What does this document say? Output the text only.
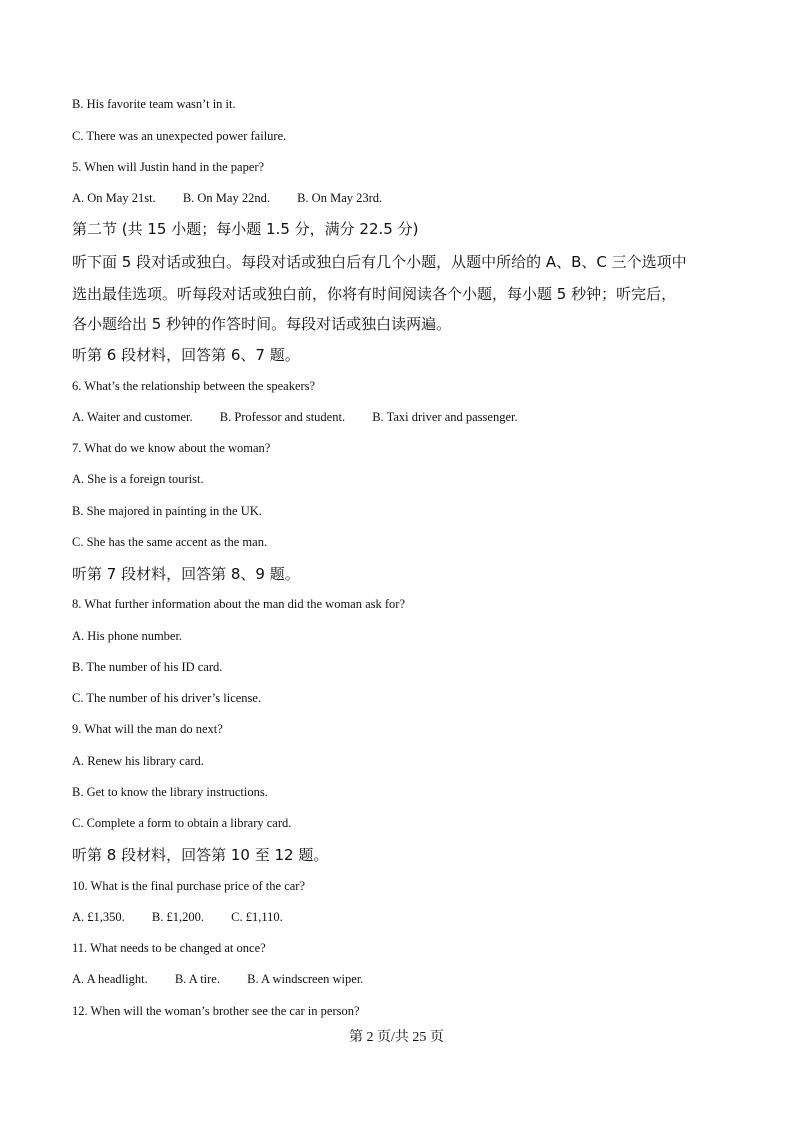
B. His favorite team wasn’t in it.
C. There was an unexpected power failure.
5. When will Justin hand in the paper?
A. On May 21st. B. On May 22nd. B. On May 23rd.
第二节 (共 15 小题；每小题 1.5 分，满分 22.5 分)
听下面 5 段对话或独白。每段对话或独白后有几个小题，从题中所给的 A、B、C 三个选项中
选出最佳选项。听每段对话或独白前，你将有时间阅读各个小题，每小题 5 秒钟；听完后，
各小题给出 5 秒钟的作答时间。每段对话或独白读两遍。
听第 6 段材料，回答第 6、7 题。
6. What’s the relationship between the speakers?
A. Waiter and customer. B. Professor and student. B. Taxi driver and passenger.
7. What do we know about the woman?
A. She is a foreign tourist.
B. She majored in painting in the UK.
C. She has the same accent as the man.
听第 7 段材料，回答第 8、9 题。
8. What further information about the man did the woman ask for?
A. His phone number.
B. The number of his ID card.
C. The number of his driver’s license.
9. What will the man do next?
A. Renew his library card.
B. Get to know the library instructions.
C. Complete a form to obtain a library card.
听第 8 段材料，回答第 10 至 12 题。
10. What is the final purchase price of the car?
A. £1,350. B. £1,200. C. £1,110.
11. What needs to be changed at once?
A. A headlight. B. A tire. B. A windscreen wiper.
12. When will the woman’s brother see the car in person?
第 2 页/共 25 页
